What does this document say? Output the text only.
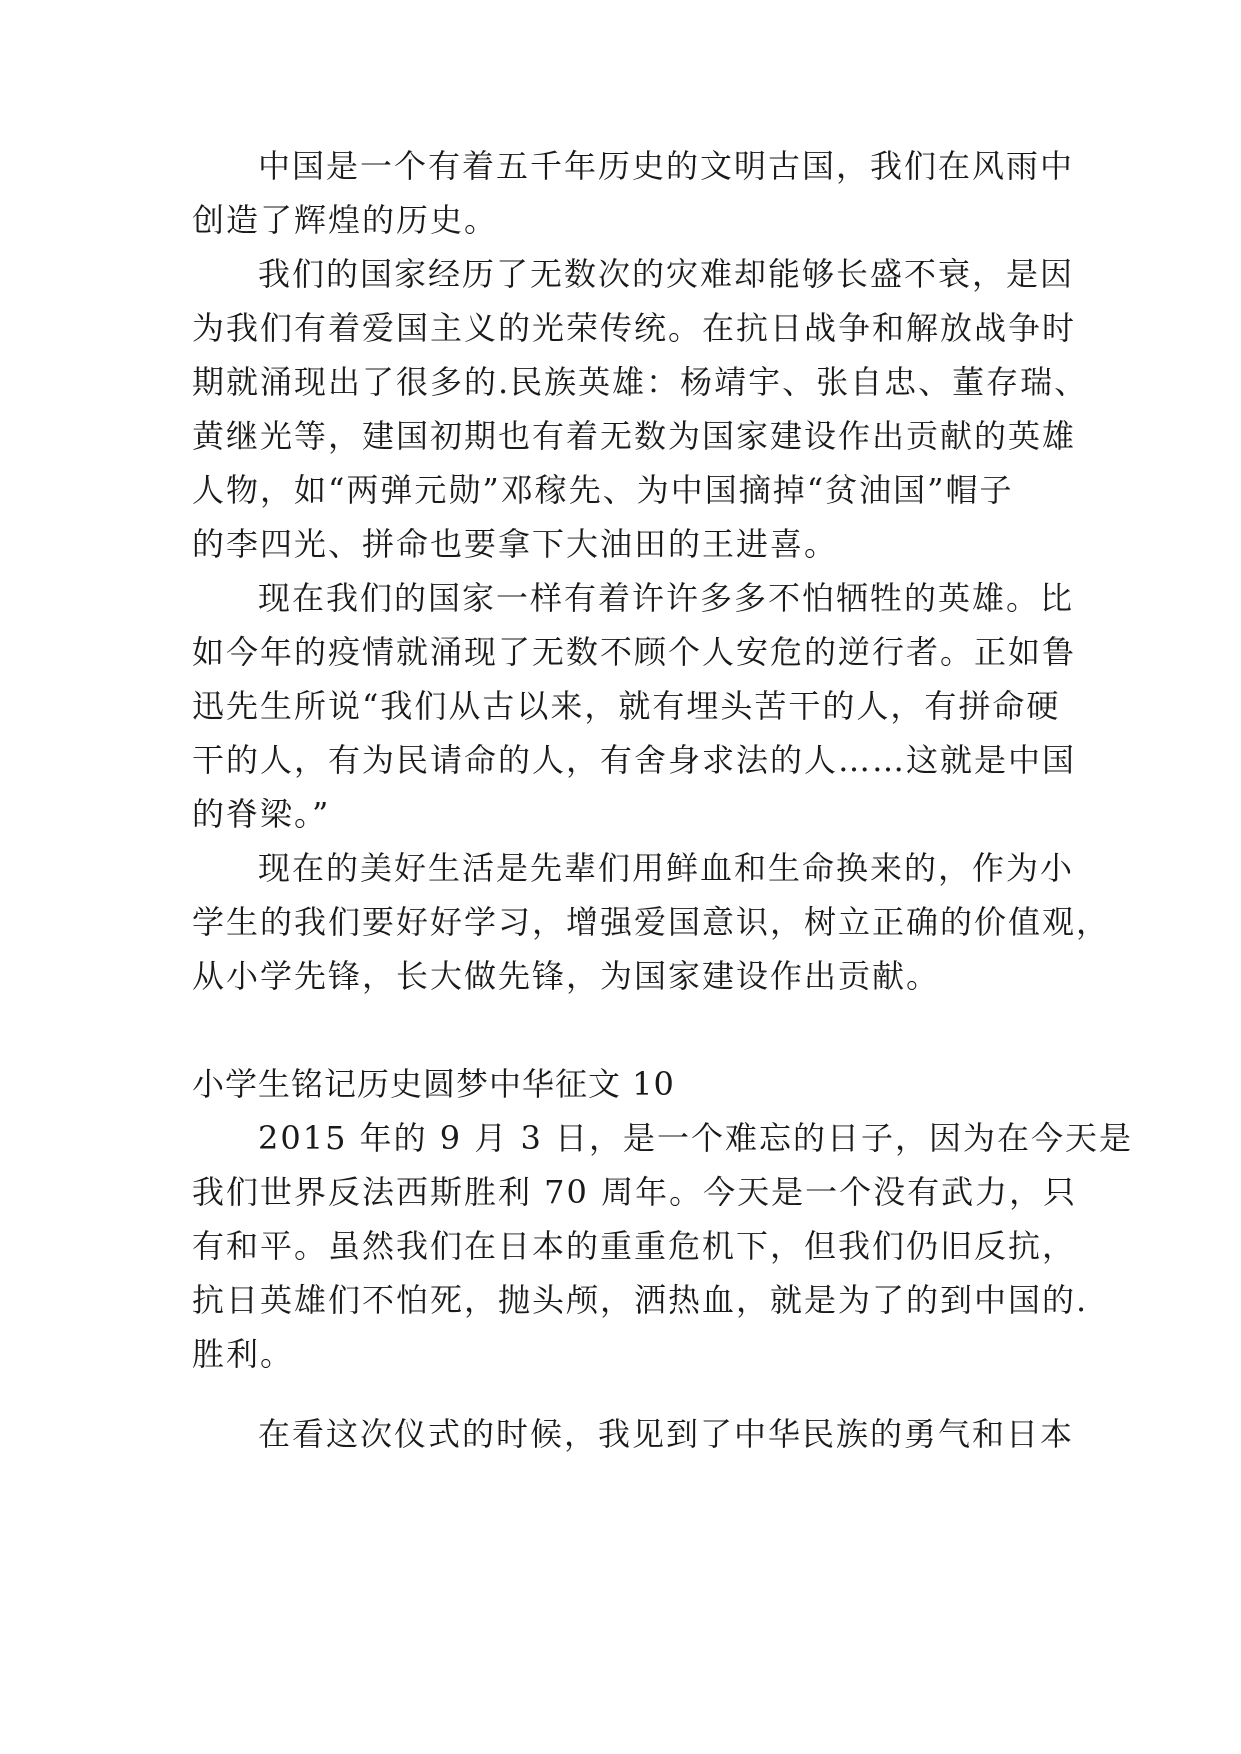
中国是一个有着五千年历史的文明古国，我们在风雨中
创造了辉煌的历史。
我们的国家经历了无数次的灾难却能够长盛不衰，是因
为我们有着爱国主义的光荣传统。在抗日战争和解放战争时
期就涌现出了很多的.民族英雄：杨靖宇、张自忠、董存瑞、
黄继光等，建国初期也有着无数为国家建设作出贡献的英雄
人物，如“两弹元勋”邓稼先、为中国摘掉“贫油国”帽子
的李四光、拼命也要拿下大油田的王进喜。
现在我们的国家一样有着许许多多不怕牺牲的英雄。比
如今年的疫情就涌现了无数不顾个人安危的逆行者。正如鲁
迅先生所说“我们从古以来，就有埋头苦干的人，有拼命硬
干的人，有为民请命的人，有舍身求法的人……这就是中国
的脊梁。”
现在的美好生活是先辈们用鲜血和生命换来的，作为小
学生的我们要好好学习，增强爱国意识，树立正确的价值观，
从小学先锋，长大做先锋，为国家建设作出贡献。
小学生铭记历史圆梦中华征文 10
2015 年的 9 月 3 日，是一个难忘的日子，因为在今天是
我们世界反法西斯胜利 70 周年。今天是一个没有武力，只
有和平。虽然我们在日本的重重危机下，但我们仍旧反抗，
抗日英雄们不怕死，抛头颅，洒热血，就是为了的到中国的.
胜利。
在看这次仪式的时候，我见到了中华民族的勇气和日本
